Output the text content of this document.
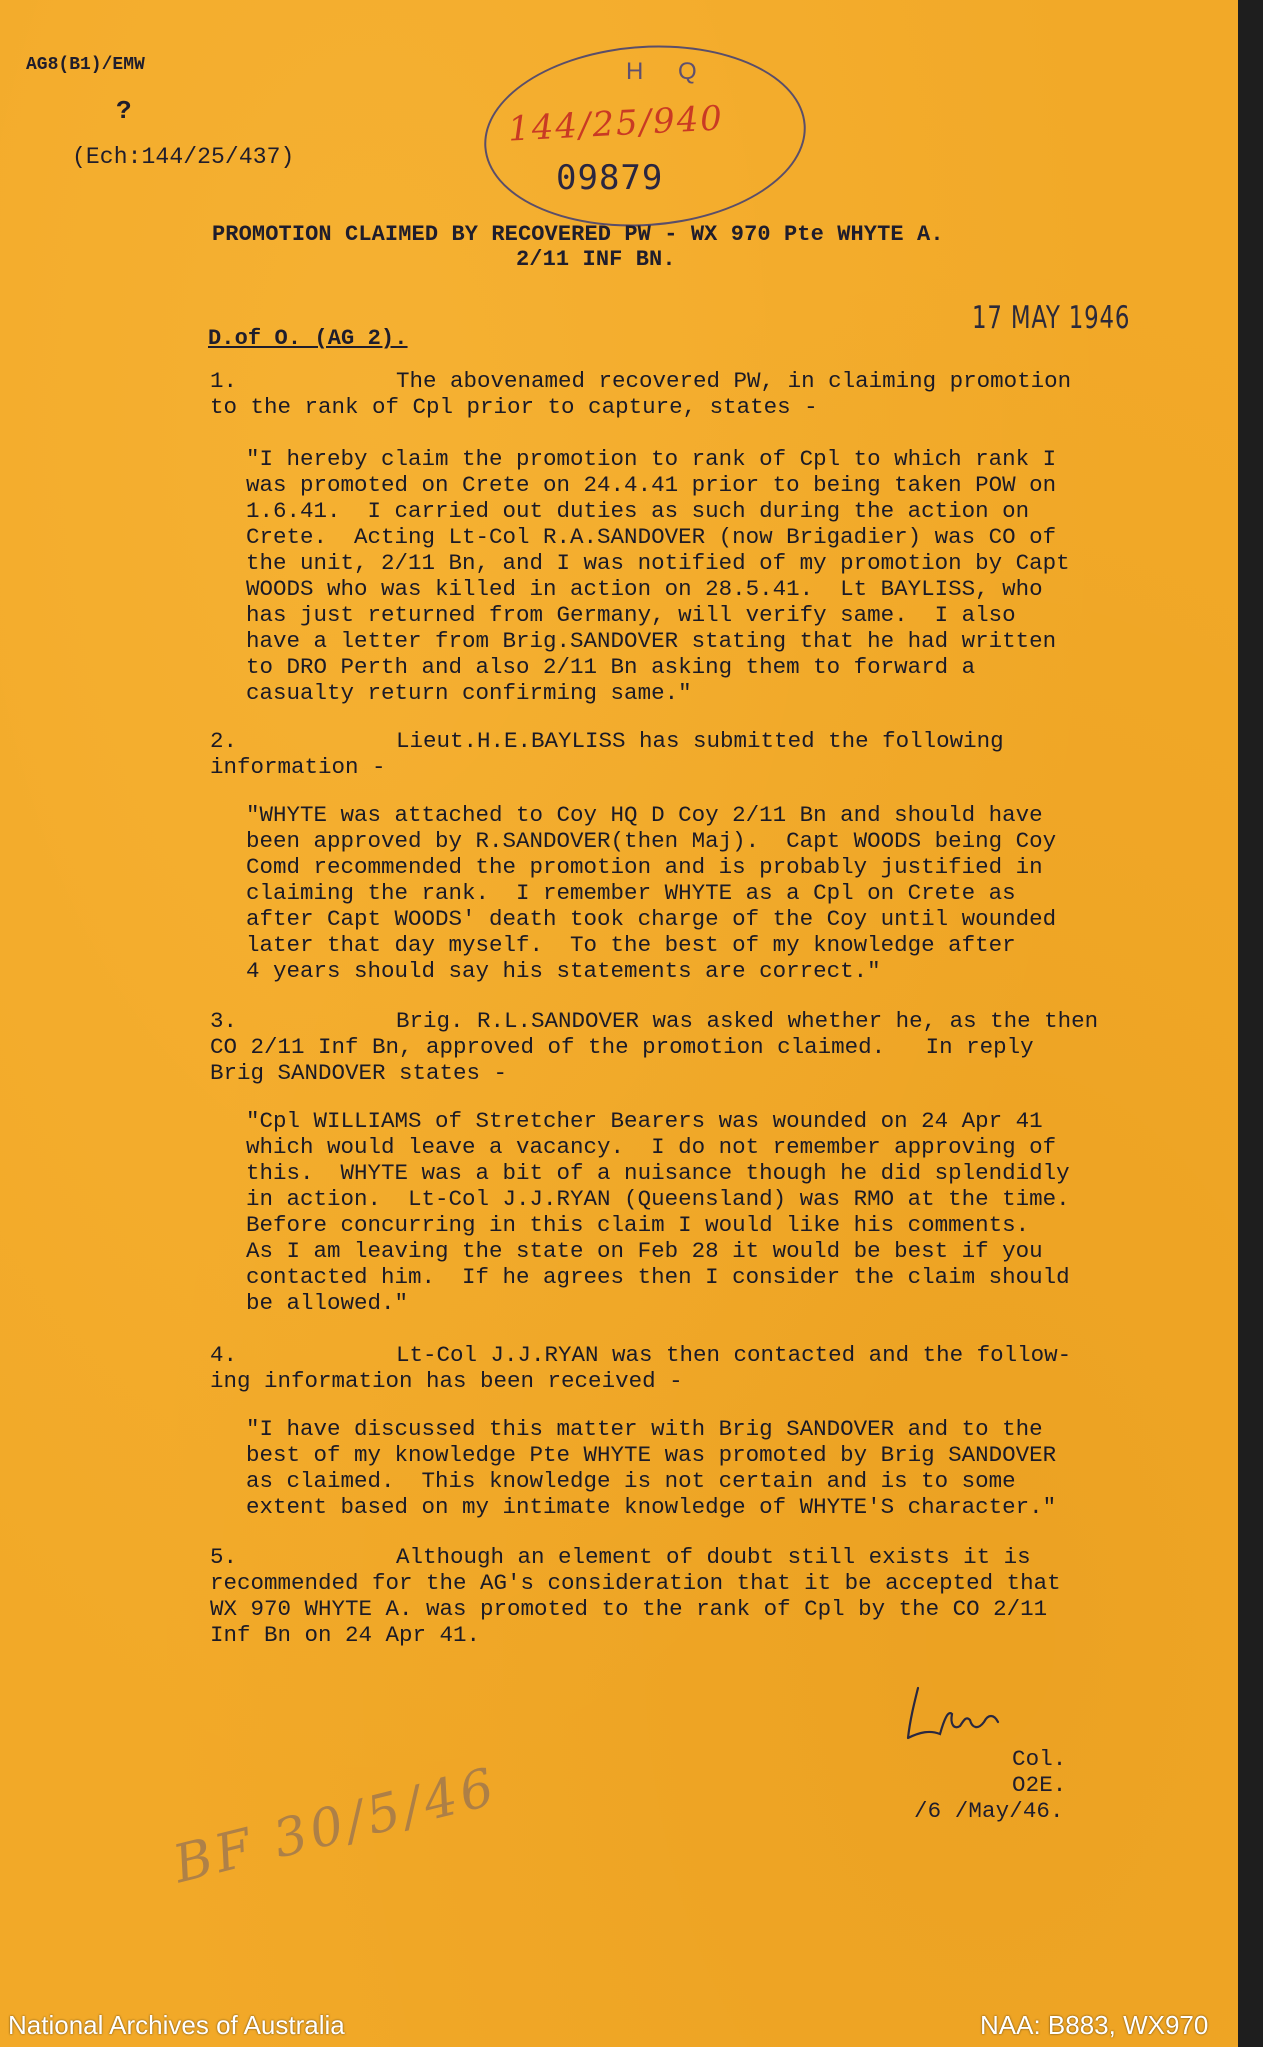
AG8(B1)/EMW
?
(Ech:144/25/437)
H Q
144/25/940
09879
PROMOTION CLAIMED BY RECOVERED PW - WX 970 Pte WHYTE A.
2/11 INF BN.
D.of O. (AG 2).
17 MAY 1946
1.	The abovenamed recovered PW, in claiming promotion
to the rank of Cpl prior to capture, states -
"I hereby claim the promotion to rank of Cpl to which rank I
was promoted on Crete on 24.4.41 prior to being taken POW on
1.6.41.  I carried out duties as such during the action on
Crete.  Acting Lt-Col R.A.SANDOVER (now Brigadier) was CO of
the unit, 2/11 Bn, and I was notified of my promotion by Capt
WOODS who was killed in action on 28.5.41.  Lt BAYLISS, who
has just returned from Germany, will verify same.  I also
have a letter from Brig.SANDOVER stating that he had written
to DRO Perth and also 2/11 Bn asking them to forward a
casualty return confirming same."
2.	Lieut.H.E.BAYLISS has submitted the following
information -
"WHYTE was attached to Coy HQ D Coy 2/11 Bn and should have
been approved by R.SANDOVER(then Maj).  Capt WOODS being Coy
Comd recommended the promotion and is probably justified in
claiming the rank.  I remember WHYTE as a Cpl on Crete as
after Capt WOODS' death took charge of the Coy until wounded
later that day myself.  To the best of my knowledge after
4 years should say his statements are correct."
3.	Brig. R.L.SANDOVER was asked whether he, as the then
CO 2/11 Inf Bn, approved of the promotion claimed.   In reply
Brig SANDOVER states -
"Cpl WILLIAMS of Stretcher Bearers was wounded on 24 Apr 41
which would leave a vacancy.  I do not remember approving of
this.  WHYTE was a bit of a nuisance though he did splendidly
in action.  Lt-Col J.J.RYAN (Queensland) was RMO at the time.
Before concurring in this claim I would like his comments.
As I am leaving the state on Feb 28 it would be best if you
contacted him.  If he agrees then I consider the claim should
be allowed."
4.	Lt-Col J.J.RYAN was then contacted and the follow-
ing information has been received -
"I have discussed this matter with Brig SANDOVER and to the
best of my knowledge Pte WHYTE was promoted by Brig SANDOVER
as claimed.  This knowledge is not certain and is to some
extent based on my intimate knowledge of WHYTE'S character."
5.	Although an element of doubt still exists it is
recommended for the AG's consideration that it be accepted that
WX 970 WHYTE A. was promoted to the rank of Cpl by the CO 2/11
Inf Bn on 24 Apr 41.
Col.
O2E.
/6 /May/46.
BF 30/5/46
National Archives of Australia	NAA: B883, WX970
